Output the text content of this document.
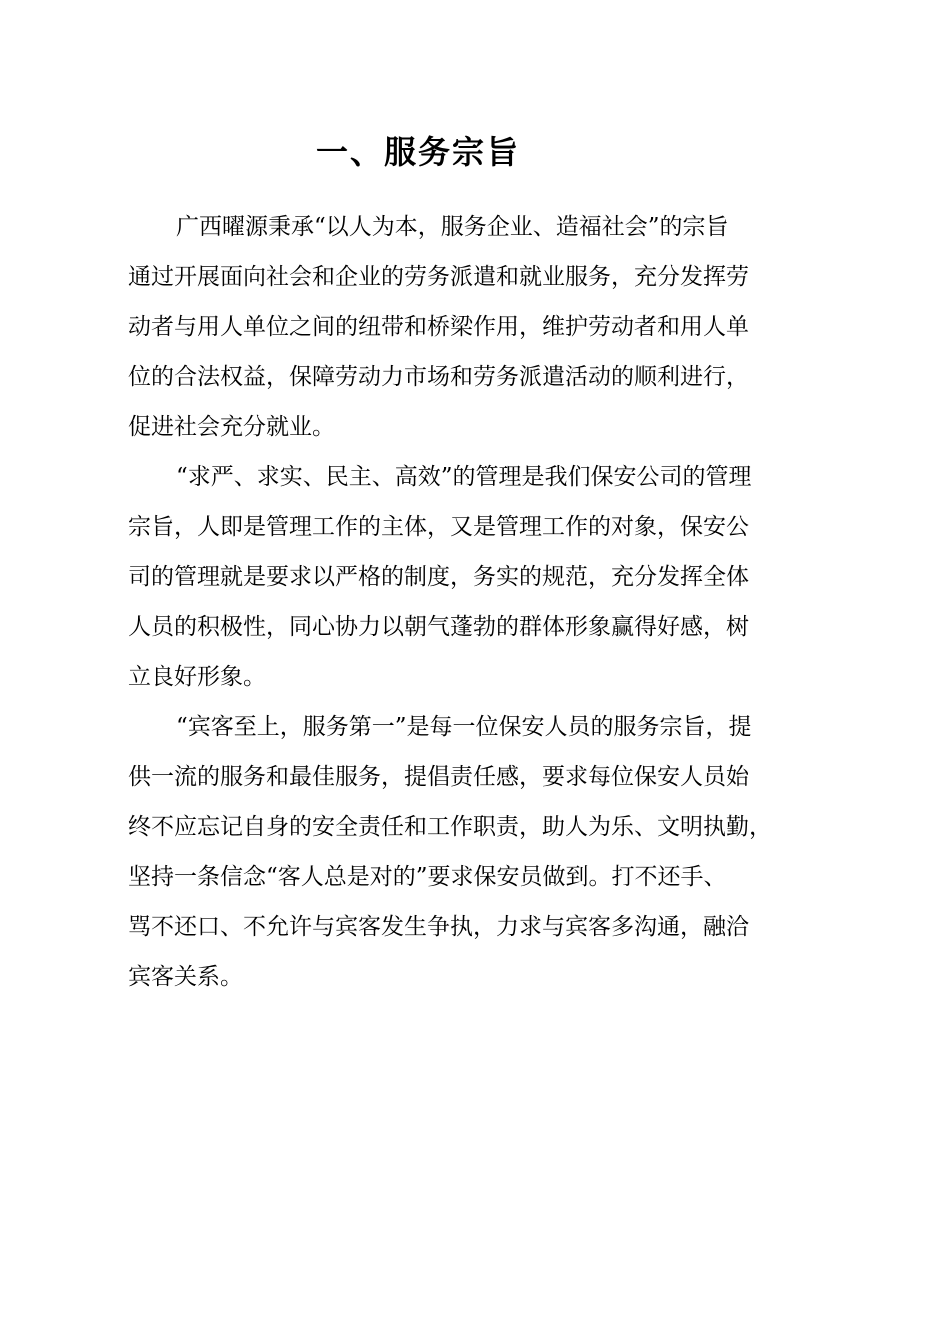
一、服务宗旨
广西曜源秉承“以人为本，服务企业、造福社会”的宗旨
通过开展面向社会和企业的劳务派遣和就业服务，充分发挥劳
动者与用人单位之间的纽带和桥梁作用，维护劳动者和用人单
位的合法权益，保障劳动力市场和劳务派遣活动的顺利进行，
促进社会充分就业。
“求严、求实、民主、高效”的管理是我们保安公司的管理
宗旨，人即是管理工作的主体，又是管理工作的对象，保安公
司的管理就是要求以严格的制度，务实的规范，充分发挥全体
人员的积极性，同心协力以朝气蓬勃的群体形象赢得好感，树
立良好形象。
“宾客至上，服务第一”是每一位保安人员的服务宗旨，提
供一流的服务和最佳服务，提倡责任感，要求每位保安人员始
终不应忘记自身的安全责任和工作职责，助人为乐、文明执勤，
坚持一条信念“客人总是对的”要求保安员做到。打不还手、
骂不还口、不允许与宾客发生争执，力求与宾客多沟通，融洽
宾客关系。
